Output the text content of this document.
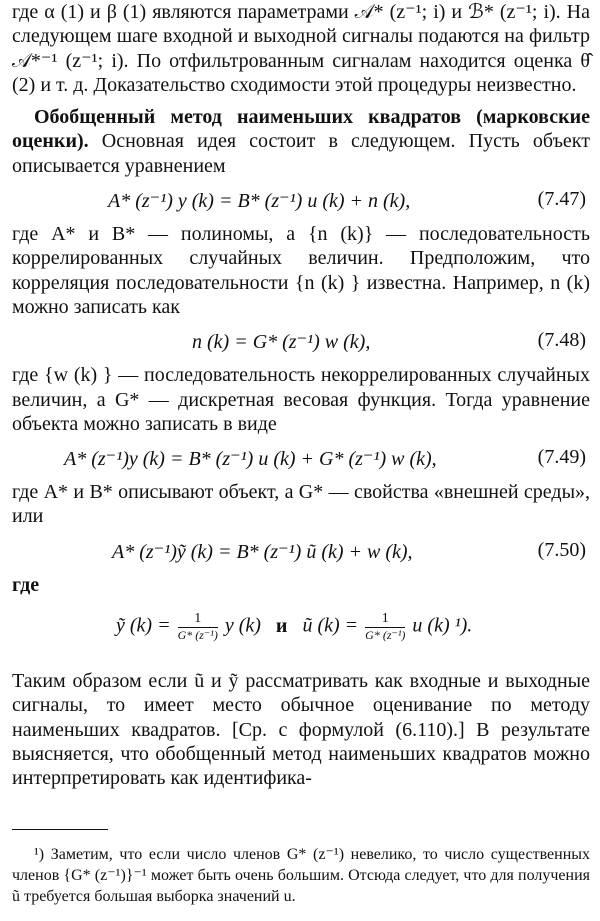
где α (1) и β (1) являются параметрами 𝒜* (z⁻¹; i) и ℬ* (z⁻¹; i). На следующем шаге входной и выходной сигналы подаются на фильтр 𝒜*⁻¹ (z⁻¹; i). По отфильтрованным сигналам находится оценка θ̂ (2) и т. д. Доказательство сходимости этой процедуры неизвестно.

Обобщенный метод наименьших квадратов (марковские оценки). Основная идея состоит в следующем. Пусть объект описывается уравнением

A* (z⁻¹) y (k) = B* (z⁻¹) u (k) + n (k),	(7.47)

где A* и B* — полиномы, а {n (k)} — последовательность коррелированных случайных величин. Предположим, что корреляция последовательности {n (k) } известна. Например, n (k) можно записать как

n (k) = G* (z⁻¹) w (k),	(7.48)

где {w (k) } — последовательность некоррелированных случайных величин, а G* — дискретная весовая функция. Тогда уравнение объекта можно записать в виде

A* (z⁻¹)y (k) = B* (z⁻¹) u (k) + G* (z⁻¹) w (k),	(7.49)

где A* и B* описывают объект, а G* — свойства «внешней среды», или

A* (z⁻¹)ỹ (k) = B* (z⁻¹) ũ (k) + w (k),	(7.50)

где

ỹ $(k) = \frac{1}{\text{G* (z⁻¹)}}$ y (k) и ũ $(k) = \frac{1}{\text{G* (z⁻¹)}}$ u (k) ¹).

Таким образом если ũ и ỹ рассматривать как входные и выходные сигналы, то имеет место обычное оценивание по методу наименьших квадратов. [Ср. с формулой (6.110).] В результате выясняется, что обобщенный метод наименьших квадратов можно интерпретировать как идентифика-

¹) Заметим, что если число членов G* (z⁻¹) невелико, то число существенных членов {G* (z⁻¹)}⁻¹ может быть очень большим. Отсюда следует, что для получения ũ требуется большая выборка значений u.
